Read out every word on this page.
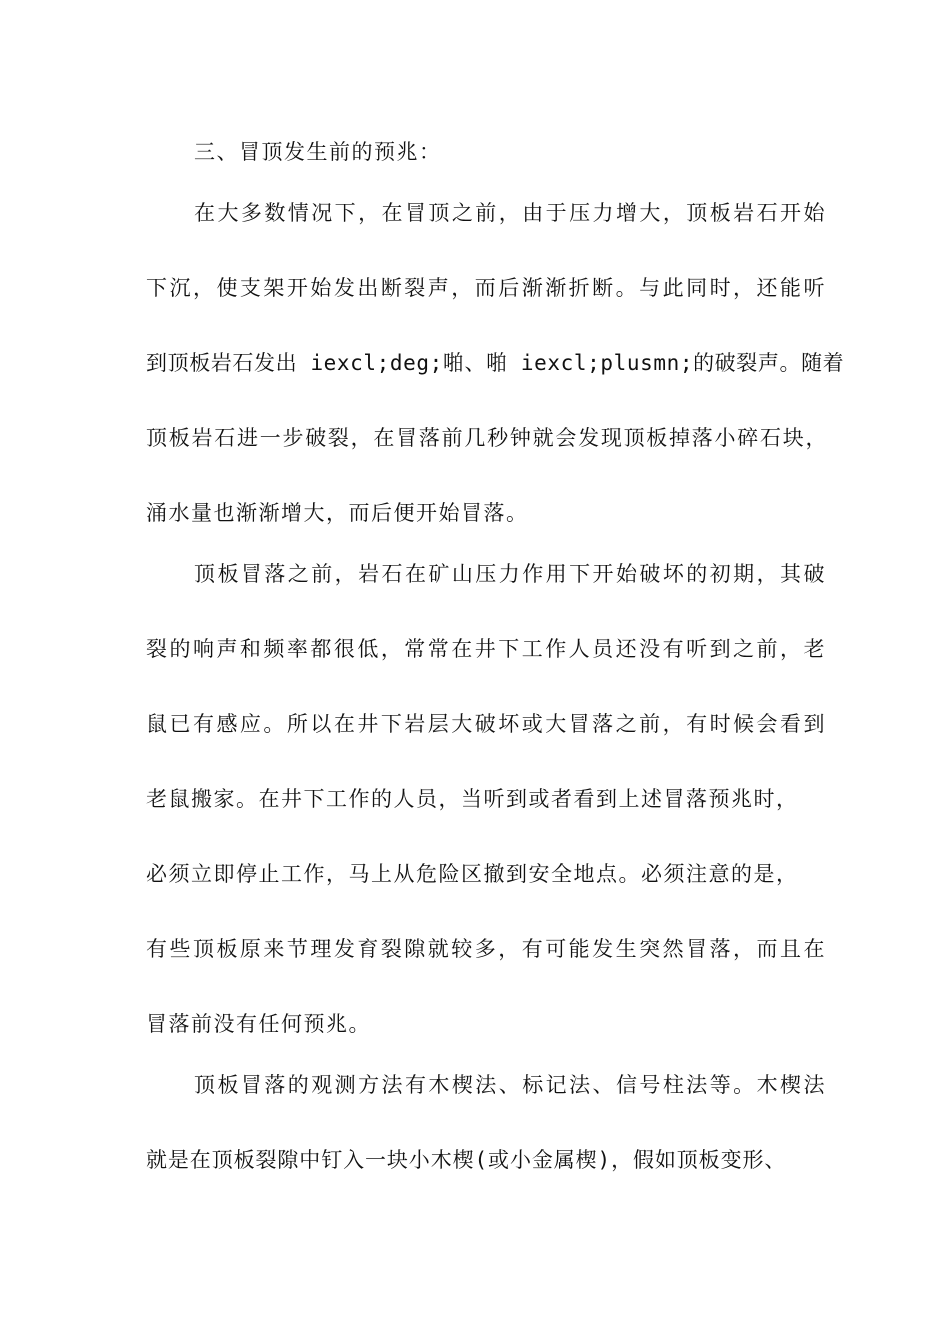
三、冒顶发生前的预兆：
在大多数情况下，在冒顶之前，由于压力增大，顶板岩石开始
下沉，使支架开始发出断裂声，而后渐渐折断。与此同时，还能听
到顶板岩石发出 iexcl;deg;啪、啪 iexcl;plusmn;的破裂声。随着
顶板岩石进一步破裂，在冒落前几秒钟就会发现顶板掉落小碎石块，
涌水量也渐渐增大，而后便开始冒落。
顶板冒落之前，岩石在矿山压力作用下开始破坏的初期，其破
裂的响声和频率都很低，常常在井下工作人员还没有听到之前，老
鼠已有感应。所以在井下岩层大破坏或大冒落之前，有时候会看到
老鼠搬家。在井下工作的人员，当听到或者看到上述冒落预兆时，
必须立即停止工作，马上从危险区撤到安全地点。必须注意的是，
有些顶板原来节理发育裂隙就较多，有可能发生突然冒落，而且在
冒落前没有任何预兆。
顶板冒落的观测方法有木楔法、标记法、信号柱法等。木楔法
就是在顶板裂隙中钉入一块小木楔(或小金属楔)，假如顶板变形、
